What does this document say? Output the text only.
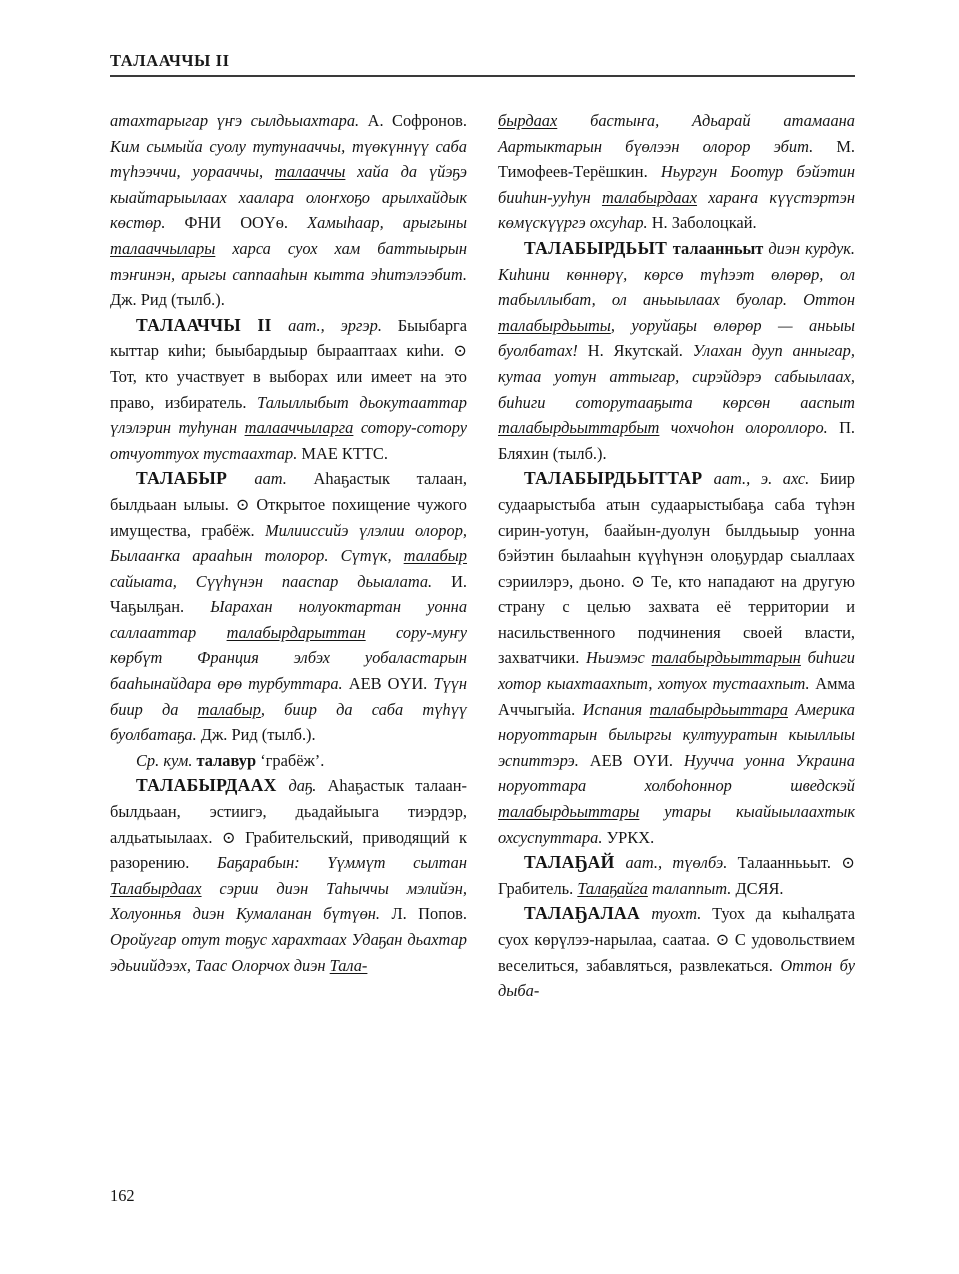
ТАЛААЧЧЫ II

атахтарыгар үҥэ сылдьыахтара. А. Софронов. Ким сымыйа суолу тутунааччы, түөкүннүү саба түһээччи, уорааччы, талааччы хайа да үйэҕэ кыайтарыылаах хаалара олоҥхоҕо арылхайдык көстөр. ФНИ ООҮѳ. Хамыһаар, арыгыны талааччылары харса суох хам баттыырын тэҥинэн, арыгы саппааһын кытта эһитэлээбит. Дж. Рид (тылб.).

ТАЛААЧЧЫ II аат., эргэр. Быыбарга кыттар киһи; быыбардыыр бырааптаах киһи. ⊙ Тот, кто участвует в выборах или имеет на это право, избиратель. Талыллыбыт дьокутааттар үлэлэрин туһунан талааччыларга сотору-сотору отчуоттуох тустаахтар. МАЕ КТТС.

ТАЛАБЫР аат. Аһаҕастык талаан, былдьаан ылыы. ⊙ Открытое похищение чужого имущества, грабёж. Милииссийэ үлэлии олорор, Былааҥка арааһын толорор. Сүтүк, талабыр сайыата, Сүүһүнэн пааспар дьыалата. И. Чаҕылҕан. Ыарахан нолуоктартан уонна саллааттар талабырдарыттан сору-муҥу көрбүт Франция элбэх уобаластарын бааһынайдара өрө турбуттара. АЕВ ОҮИ. Түүн биир да талабыр, биир да саба түһүү буолбатаҕа. Дж. Рид (тылб.).

Ср. кум. талавур ‘грабёж’.

ТАЛАБЫРДААХ даҕ. Аһаҕастык талаан-былдьаан, эстиигэ, дьадайыыга тиэрдэр, алдьатыылаах. ⊙ Грабительский, приводящий к разорению. Баҕарабын: Үүммүт сылтан Талабырдаах сэрии диэн Таһыччы мэлийэн, Холуоннья диэн Кумаланан бүтүөн. Л. Попов. Оройугар отут тоҕус харахтаах Удаҕан дьахтар эдьиийдээх, Таас Олорчох диэн Тала-

бырдаах бастыҥа, Адьарай атамаана Аартыктарын бүөлээн олорор эбит. М. Тимофеев-Терёшкин. Ньургун Боотур бэйэтин бииһин-ууһун талабырдаах хараҥа күүстэртэн көмүскүүргэ охсуһар. Н. Заболоцкай.

ТАЛАБЫРДЬЫТ талаанньыт диэн курдук. Киһини көннөрү, көрсө түһээт өлөрөр, ол табыллыбат, ол аньыылаах буолар. Оттон талабырдьыты, уоруйаҕы өлөрөр — аньыы буолбатах! Н. Якутскай. Улахан дууп анныгар, кутаа уотун аттыгар, сирэйдэрэ сабыылаах, биһиги соторутааҕыта көрсөн ааспыт талабырдьыттарбыт чохчоһон олороллоро. П. Бляхин (тылб.).

ТАЛАБЫРДЬЫТТАР аат., э. ахс. Биир судаарыстыба атын судаарыстыбаҕа саба түһэн сирин-уотун, баайын-дуолун былдьыыр уонна бэйэтин былааһын күүһүнэн олоҕурдар сыаллаах сэриилэрэ, дьоно. ⊙ Те, кто нападают на другую страну с целью захвата её территории и насильственного подчинения своей власти, захватчики. Ньиэмэс талабырдьыттарын биһиги хотор кыахтаахпыт, хотуох тустаахпыт. Амма Аччыгыйа. Испания талабырдьыттара Америка норуоттарын былыргы култууратын кыыллыы эспиттэрэ. АЕВ ОҮИ. Нуучча уонна Украина норуоттара холбоһоннор шведскэй талабырдьыттары утары кыайыылаахтык охсуспуттара. УРКХ.

ТАЛАҔАЙ аат., түөлбэ. Талааннььыт. ⊙ Грабитель. Талаҕайга талаппыт. ДСЯЯ.

ТАЛАҔАЛАА туохт. Туох да кыһалҕата суох көрүлээ-нарылаа, саатаа. ⊙ С удовольствием веселиться, забавляться, развлекаться. Оттон бу дыба-

162
